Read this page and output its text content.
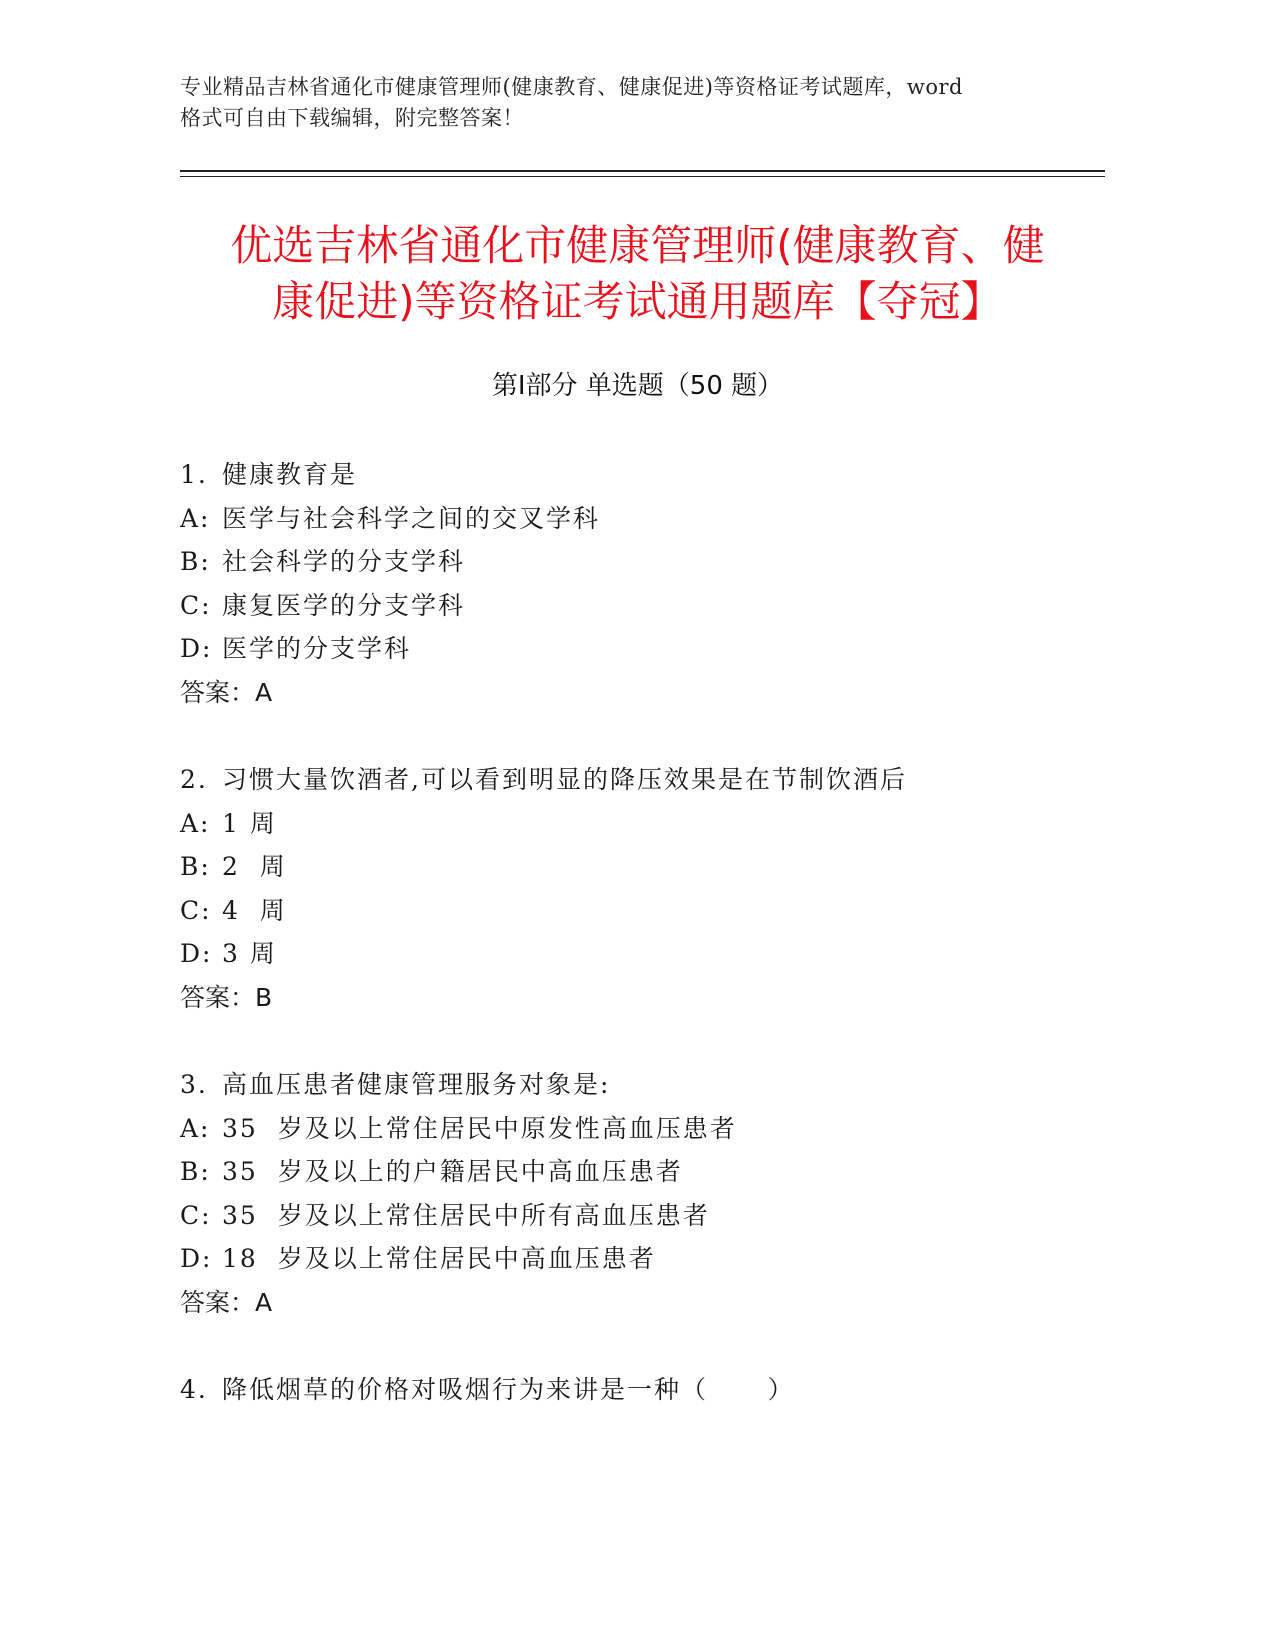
专业精品吉林省通化市健康管理师(健康教育、健康促进)等资格证考试题库，word
格式可自由下载编辑，附完整答案！
优选吉林省通化市健康管理师(健康教育、健
康促进)等资格证考试通用题库【夺冠】
第Ⅰ部分 单选题（50 题）
1. 健康教育是
A: 医学与社会科学之间的交叉学科
B: 社会科学的分支学科
C: 康复医学的分支学科
D: 医学的分支学科
答案：A
2. 习惯大量饮酒者,可以看到明显的降压效果是在节制饮酒后
A: 1 周
B: 2  周
C: 4  周
D: 3 周
答案：B
3. 高血压患者健康管理服务对象是:
A: 35  岁及以上常住居民中原发性高血压患者
B: 35  岁及以上的户籍居民中高血压患者
C: 35  岁及以上常住居民中所有高血压患者
D: 18  岁及以上常住居民中高血压患者
答案：A
4. 降低烟草的价格对吸烟行为来讲是一种（      ）
